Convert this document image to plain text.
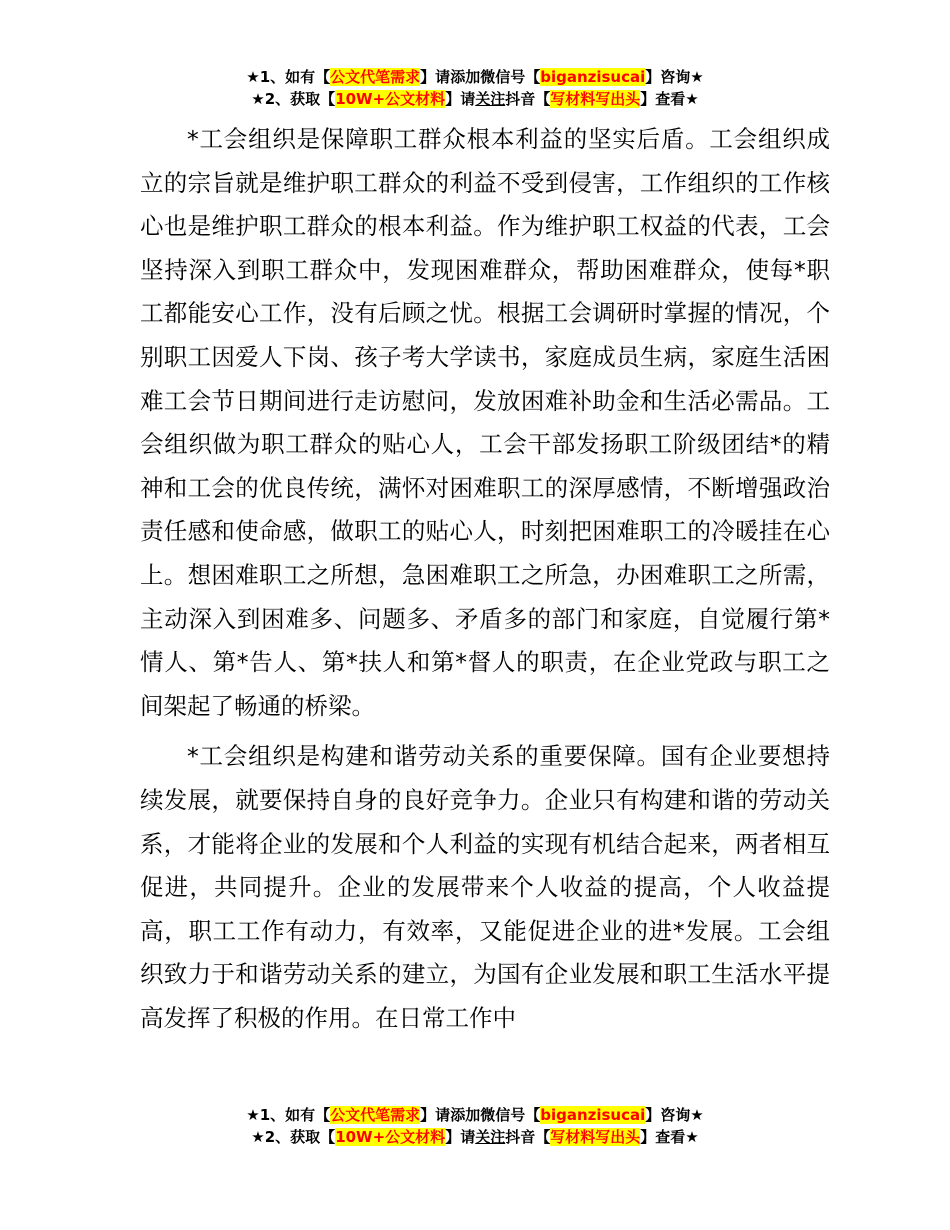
★1、如有【公文代笔需求】请添加微信号【biganzisucai】咨询★
★2、获取【10W+公文材料】请关注抖音【写材料写出头】查看★

*工会组织是保障职工群众根本利益的坚实后盾。工会组织成立的宗旨就是维护职工群众的利益不受到侵害，工作组织的工作核心也是维护职工群众的根本利益。作为维护职工权益的代表，工会坚持深入到职工群众中，发现困难群众，帮助困难群众，使每*职工都能安心工作，没有后顾之忧。根据工会调研时掌握的情况，个别职工因爱人下岗、孩子考大学读书，家庭成员生病，家庭生活困难工会节日期间进行走访慰问，发放困难补助金和生活必需品。工会组织做为职工群众的贴心人，工会干部发扬职工阶级团结*的精神和工会的优良传统，满怀对困难职工的深厚感情，不断增强政治责任感和使命感，做职工的贴心人，时刻把困难职工的冷暖挂在心上。想困难职工之所想，急困难职工之所急，办困难职工之所需，主动深入到困难多、问题多、矛盾多的部门和家庭，自觉履行第*情人、第*告人、第*扶人和第*督人的职责，在企业党政与职工之间架起了畅通的桥梁。

*工会组织是构建和谐劳动关系的重要保障。国有企业要想持续发展，就要保持自身的良好竞争力。企业只有构建和谐的劳动关系，才能将企业的发展和个人利益的实现有机结合起来，两者相互促进，共同提升。企业的发展带来个人收益的提高，个人收益提高，职工工作有动力，有效率，又能促进企业的进*发展。工会组织致力于和谐劳动关系的建立，为国有企业发展和职工生活水平提高发挥了积极的作用。在日常工作中

★1、如有【公文代笔需求】请添加微信号【biganzisucai】咨询★
★2、获取【10W+公文材料】请关注抖音【写材料写出头】查看★
